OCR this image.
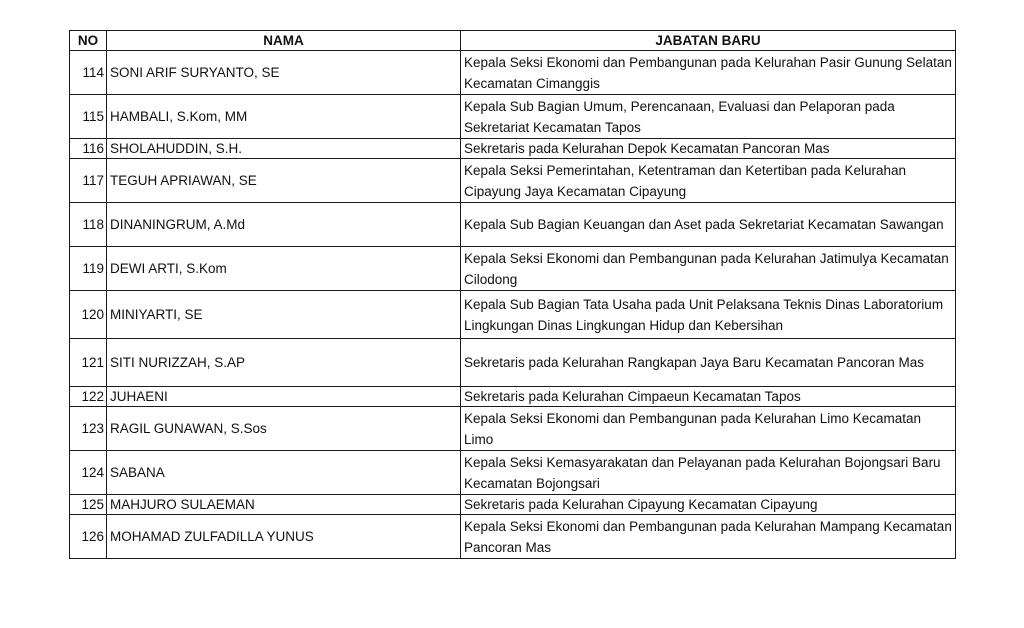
NO	NAMA	JABATAN BARU
114	SONI ARIF SURYANTO, SE	Kepala Seksi Ekonomi dan Pembangunan pada Kelurahan Pasir Gunung Selatan Kecamatan Cimanggis
115	HAMBALI, S.Kom, MM	Kepala Sub Bagian Umum, Perencanaan, Evaluasi dan Pelaporan pada Sekretariat Kecamatan Tapos
116	SHOLAHUDDIN, S.H.	Sekretaris pada Kelurahan Depok Kecamatan Pancoran Mas
117	TEGUH APRIAWAN, SE	Kepala Seksi Pemerintahan, Ketentraman dan Ketertiban pada Kelurahan Cipayung Jaya Kecamatan Cipayung
118	DINANINGRUM, A.Md	Kepala Sub Bagian Keuangan dan Aset pada Sekretariat Kecamatan Sawangan
119	DEWI ARTI, S.Kom	Kepala Seksi Ekonomi dan Pembangunan pada Kelurahan Jatimulya Kecamatan Cilodong
120	MINIYARTI, SE	Kepala Sub Bagian Tata Usaha pada Unit Pelaksana Teknis Dinas Laboratorium Lingkungan Dinas Lingkungan Hidup dan Kebersihan
121	SITI NURIZZAH, S.AP	Sekretaris pada Kelurahan Rangkapan Jaya Baru Kecamatan Pancoran Mas
122	JUHAENI	Sekretaris pada Kelurahan Cimpaeun Kecamatan Tapos
123	RAGIL GUNAWAN, S.Sos	Kepala Seksi Ekonomi dan Pembangunan pada Kelurahan Limo Kecamatan Limo
124	SABANA	Kepala Seksi Kemasyarakatan dan Pelayanan pada Kelurahan Bojongsari Baru Kecamatan Bojongsari
125	MAHJURO SULAEMAN	Sekretaris pada Kelurahan Cipayung Kecamatan Cipayung
126	MOHAMAD ZULFADILLA YUNUS	Kepala Seksi Ekonomi dan Pembangunan pada Kelurahan Mampang Kecamatan Pancoran Mas
